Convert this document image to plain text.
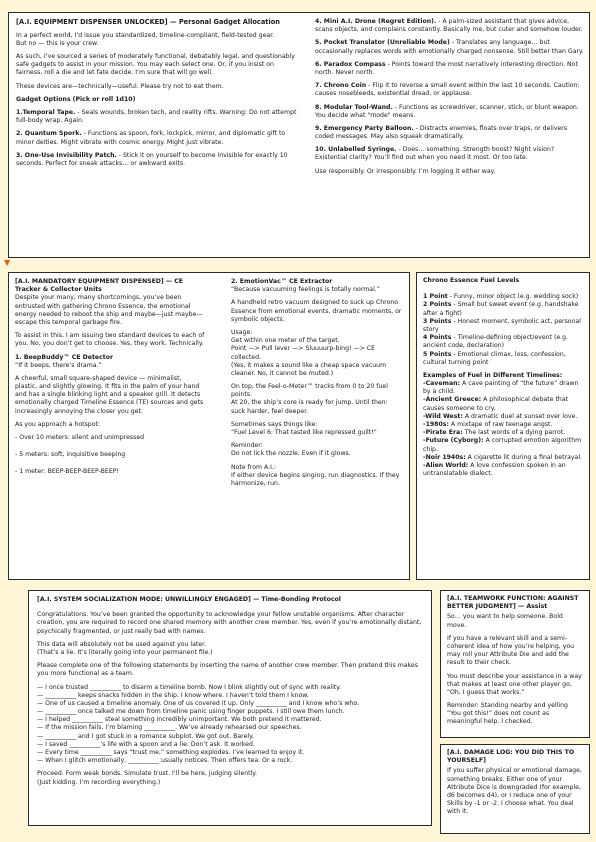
[A.I. EQUIPMENT DISPENSER UNLOCKED] — Personal Gadget Allocation

In a perfect world, I’d issue you standardized, timeline-compliant, field-tested gear.

But no — this is your crew.

As such, I’ve sourced a series of moderately functional, debatably legal, and questionably safe gadgets to assist in your mission. You may each select one. Or, if you insist on fairness, roll a die and let fate decide. I’m sure that will go well.

These devices are—technically—useful. Please try not to eat them.

Gadget Options (Pick or roll 1d10)

1.Temporal Tape. - Seals wounds, broken tech, and reality rifts. Warning: Do not attempt full-body wrap. Again.

2. Quantum Spork. - Functions as spoon, fork, lockpick, mirror, and diplomatic gift to minor deities. Might vibrate with cosmic energy. Might just vibrate.

3. One-Use Invisibility Patch. - Stick it on yourself to become invisible for exactly 10 seconds. Perfect for sneak attacks… or awkward exits.

4. Mini A.I. Drone (Regret Edition). - A palm-sized assistant that gives advice, scans objects, and complains constantly. Basically me, but cuter and somehow louder.

5. Pocket Translator (Unreliable Mode) - Translates any language… but occasionally replaces words with emotionally charged nonsense. Still better than Gary.

6. Paradox Compass - Points toward the most narratively interesting direction. Not north. Never north.

7. Chrono Coin - Flip it to reverse a small event within the last 10 seconds. Caution: causes nosebleeds, existential dread, or applause.

8. Modular Tool-Wand. - Functions as screwdriver, scanner, stick, or blunt weapon. You decide what "mode" means.

9. Emergency Party Balloon. - Distracts enemies, floats over traps, or delivers coded messages. May also squeak dramatically.

10. Unlabelled Syringe. - Does… something. Strength boost? Night vision? Existential clarity? You’ll find out when you need it most. Or too late.

Use responsibly. Or irresponsibly. I’m logging it either way.

[A.I. MANDATORY EQUIPMENT DISPENSED] — CE Tracker & Collector Units

Despite your many, many shortcomings, you’ve been entrusted with gathering Chrono Essence, the emotional energy needed to reboot the ship and maybe—just maybe—escape this temporal garbage fire.

To assist in this, I am issuing two standard devices to each of you. No, you don’t get to choose. Yes, they work. Technically.

1. BeepBuddy™ CE Detector

“If it beeps, there’s drama.”

A cheerful, small square-shaped device — minimalist, plastic, and slightly glowing. It fits in the palm of your hand and has a single blinking light and a speaker grill. It detects emotionally charged Timeline Essence (TE) sources and gets increasingly annoying the closer you get.

As you approach a hotspot:

- Over 10 meters: silent and unimpressed
- 5 meters: soft, inquisitive beeping
- 1 meter: BEEP-BEEP-BEEP-BEEP!

2. EmotionVac™ CE Extractor

“Because vacuuming feelings is totally normal.”

A handheld retro vacuum designed to suck up Chrono Essence from emotional events, dramatic moments, or symbolic objects.

Usage:

Get within one meter of the target.

Point —> Pull lever —> Sluuuurp-bing! —> CE collected.

(Yes, it makes a sound like a cheap space vacuum cleaner. No, it cannot be muted.)

On top, the Feel-o-Meter™ tracks from 0 to 20 fuel points.

At 20, the ship’s core is ready for jump. Until then: suck harder, feel deeper.

Sometimes says things like:

“Fuel Level 6: That tasted like repressed guilt!”

Reminder:

Do not lick the nozzle. Even if it glows.

Note from A.I.:

If either device begins singing, run diagnostics. If they harmonize, run.

Chrono Essence Fuel Levels

1 Point - Funny, minor object (e.g. wedding sock)

2 Points - Small but sweet event (e.g. handshake after a fight)

3 Points - Honest moment, symbolic act, personal story

4 Points - Timeline-defining object/event (e.g. ancient code, declaration)

5 Points - Emotional climax, loss, confession, cultural turning point

Examples of Fuel in Different Timelines:

-Caveman: A cave painting of “the future” drawn by a child.

-Ancient Greece: A philosophical debate that causes someone to cry.

-Wild West: A dramatic duel at sunset over love.

-1980s: A mixtape of raw teenage angst.

-Pirate Era: The last words of a dying parrot.

-Future (Cyborg): A corrupted emotion algorithm chip.

-Noir 1940s: A cigarette lit during a final betrayal.

-Alien World: A love confession spoken in an untranslatable dialect.

[A.I. SYSTEM SOCIALIZATION MODE: UNWILLINGLY ENGAGED] — Time-Bonding Protocol

Congratulations. You’ve been granted the opportunity to acknowledge your fellow unstable organisms. After character creation, you are required to record one shared memory with another crew member. Yes, even if you’re emotionally distant, psychically fragmented, or just really bad with names.

This data will absolutely not be used against you later.

(That’s a lie. It’s literally going into your permanent file.)

Please complete one of the following statements by inserting the name of another crew member. Then pretend this makes you more functional as a team.

— I once trusted __________ to disarm a timeline bomb. Now I blink slightly out of sync with reality.

— __________ keeps snacks hidden in the ship. I know where. I haven’t told them I know.

— One of us caused a timeline anomaly. One of us covered it up. Only __________ and I know who’s who.

— __________ once talked me down from timeline panic using finger puppets. I still owe them lunch.

— I helped __________ steal something incredibly unimportant. We both pretend it mattered.

— If the mission fails, I’m blaming __________. We’ve already rehearsed our speeches.

— __________ and I got stuck in a romance subplot. We got out. Barely.

— I saved __________’s life with a spoon and a lie. Don’t ask. It worked.

— Every time __________ says “trust me,” something explodes. I’ve learned to enjoy it.

— When I glitch emotionally, __________ usually notices. Then offers tea. Or a rock.

Proceed. Form weak bonds. Simulate trust. I’ll be here, judging silently.

(Just kidding. I’m recording everything.)

[A.I. TEAMWORK FUNCTION: AGAINST BETTER JUDGMENT] — Assist

So… you want to help someone. Bold move.

If you have a relevant skill and a semi-coherent idea of how you’re helping, you may roll your Attribute Die and add the result to their check.

You must describe your assistance in a way that makes at least one other player go, “Oh, I guess that works.”

Reminder: Standing nearby and yelling “You got this!” does not count as meaningful help. I checked.

[A.I. DAMAGE LOG: YOU DID THIS TO YOURSELF]

If you suffer physical or emotional damage, something breaks. Either one of your Attribute Dice is downgraded (for example, d6 becomes d4), or I reduce one of your Skills by -1 or -2. I choose what. You deal with it.
